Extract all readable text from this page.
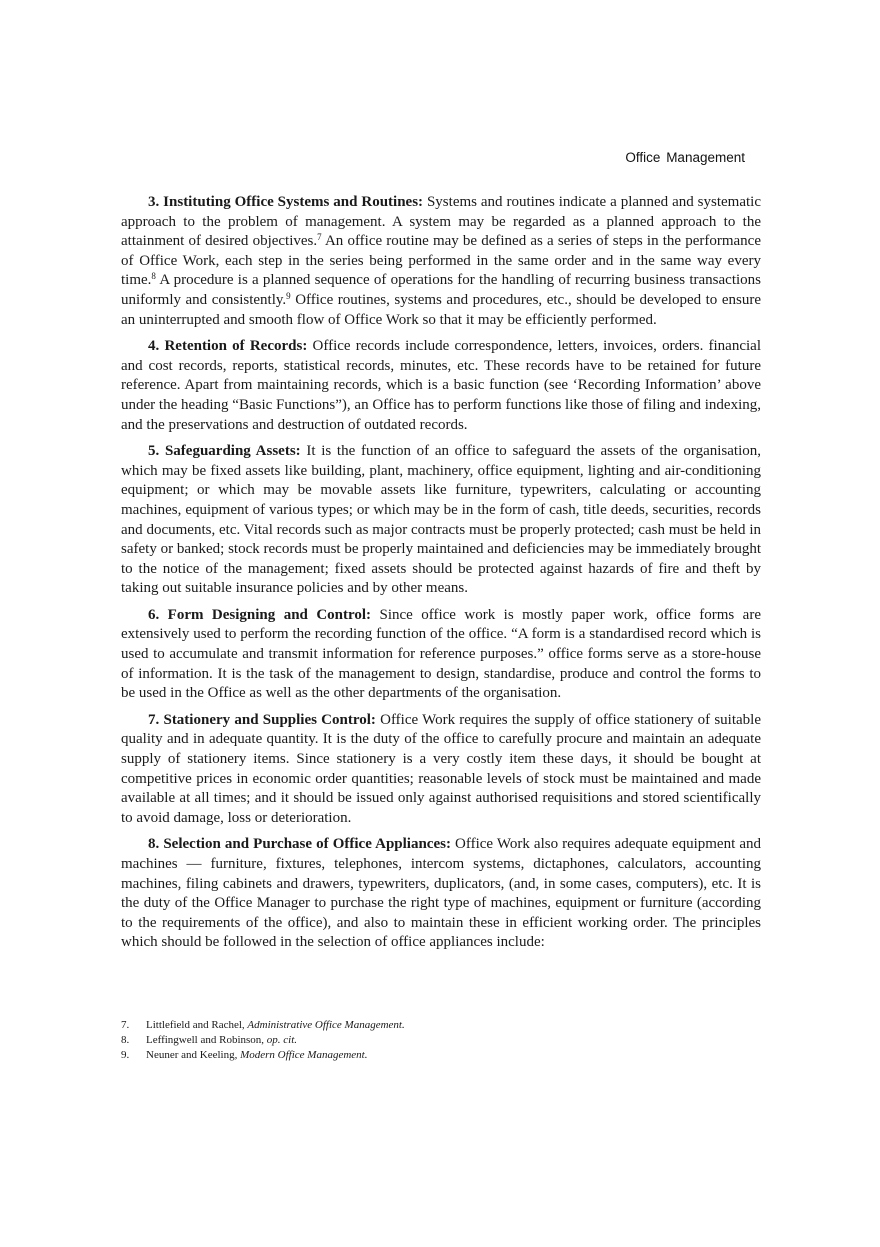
Office Management

3. Instituting Office Systems and Routines: Systems and routines indicate a planned and systematic approach to the problem of management. A system may be regarded as a planned approach to the attainment of desired objectives.$^7$ An office routine may be defined as a series of steps in the performance of Office Work, each step in the series being performed in the same order and in the same way every time.$^8$ A procedure is a planned sequence of operations for the handling of recurring business transactions uniformly and consistently.$^9$ Office routines, systems and procedures, etc., should be developed to ensure an uninterrupted and smooth flow of Office Work so that it may be efficiently performed.

4. Retention of Records: Office records include correspondence, letters, invoices, orders. financial and cost records, reports, statistical records, minutes, etc. These records have to be retained for future reference. Apart from maintaining records, which is a basic function (see ‘Recording Information’ above under the heading “Basic Functions”), an Office has to perform functions like those of filing and indexing, and the preservations and destruction of outdated records.

5. Safeguarding Assets: It is the function of an office to safeguard the assets of the organisation, which may be fixed assets like building, plant, machinery, office equipment, lighting and air-conditioning equipment; or which may be movable assets like furniture, typewriters, calculating or accounting machines, equipment of various types; or which may be in the form of cash, title deeds, securities, records and documents, etc. Vital records such as major contracts must be properly protected; cash must be held in safety or banked; stock records must be properly maintained and deficiencies may be immediately brought to the notice of the management; fixed assets should be protected against hazards of fire and theft by taking out suitable insurance policies and by other means.

6. Form Designing and Control: Since office work is mostly paper work, office forms are extensively used to perform the recording function of the office. “A form is a standardised record which is used to accumulate and transmit information for reference purposes.” office forms serve as a store-house of information. It is the task of the management to design, standardise, produce and control the forms to be used in the Office as well as the other departments of the organisation.

7. Stationery and Supplies Control: Office Work requires the supply of office stationery of suitable quality and in adequate quantity. It is the duty of the office to carefully procure and maintain an adequate supply of stationery items. Since stationery is a very costly item these days, it should be bought at competitive prices in economic order quantities; reasonable levels of stock must be maintained and made available at all times; and it should be issued only against authorised requisitions and stored scientifically to avoid damage, loss or deterioration.

8. Selection and Purchase of Office Appliances: Office Work also requires adequate equipment and machines — furniture, fixtures, telephones, intercom systems, dictaphones, calculators, accounting machines, filing cabinets and drawers, typewriters, duplicators, (and, in some cases, computers), etc. It is the duty of the Office Manager to purchase the right type of machines, equipment or furniture (according to the requirements of the office), and also to maintain these in efficient working order. The principles which should be followed in the selection of office appliances include:

7.	Littlefield and Rachel, Administrative Office Management.
8.	Leffingwell and Robinson, op. cit.
9.	Neuner and Keeling, Modern Office Management.
